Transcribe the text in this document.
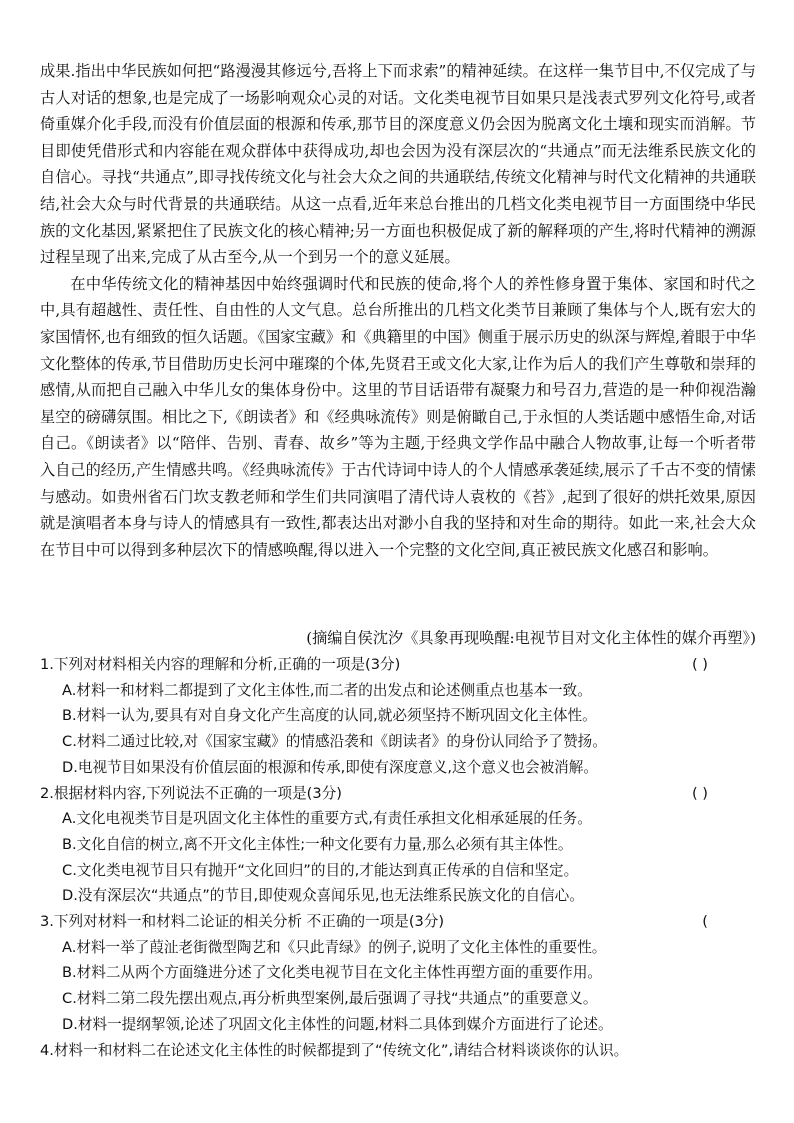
成果.指出中华民族如何把“路漫漫其修远兮,吾将上下而求索”的精神延续。在这样一集节目中,不仅完成了与古人对话的想象,也是完成了一场影响观众心灵的对话。文化类电视节目如果只是浅表式罗列文化符号,或者倚重媒介化手段,而没有价值层面的根源和传承,那节目的深度意义仍会因为脱离文化土壤和现实而消解。节目即使凭借形式和内容能在观众群体中获得成功,却也会因为没有深层次的“共通点”而无法维系民族文化的自信心。寻找“共通点”,即寻找传统文化与社会大众之间的共通联结,传统文化精神与时代文化精神的共通联结,社会大众与时代背景的共通联结。从这一点看,近年来总台推出的几档文化类电视节目一方面围绕中华民族的文化基因,紧紧把住了民族文化的核心精神;另一方面也积极促成了新的解释项的产生,将时代精神的溯源过程呈现了出来,完成了从古至今,从一个到另一个的意义延展。

在中华传统文化的精神基因中始终强调时代和民族的使命,将个人的养性修身置于集体、家国和时代之中,具有超越性、责任性、自由性的人文气息。总台所推出的几档文化类节目兼顾了集体与个人,既有宏大的家国情怀,也有细致的恒久话题。《国家宝藏》和《典籍里的中国》侧重于展示历史的纵深与辉煌,着眼于中华文化整体的传承,节目借助历史长河中璀璨的个体,先贤君王或文化大家,让作为后人的我们产生尊敬和崇拜的感情,从而把自己融入中华儿女的集体身份中。这里的节目话语带有凝聚力和号召力,营造的是一种仰视浩瀚星空的磅礴氛围。相比之下,《朗读者》和《经典咏流传》则是俯瞰自己,于永恒的人类话题中感悟生命,对话自己。《朗读者》以“陪伴、告别、青春、故乡”等为主题,于经典文学作品中融合人物故事,让每一个听者带入自己的经历,产生情感共鸣。《经典咏流传》于古代诗词中诗人的个人情感承袭延续,展示了千古不变的情愫与感动。如贵州省石门坎支教老师和学生们共同演唱了清代诗人袁枚的《苔》,起到了很好的烘托效果,原因就是演唱者本身与诗人的情感具有一致性,都表达出对渺小自我的坚持和对生命的期待。如此一来,社会大众在节目中可以得到多种层次下的情感唤醒,得以进入一个完整的文化空间,真正被民族文化感召和影响。

(摘编自侯沈汐《具象再现唤醒:电视节目对文化主体性的媒介再塑》)

1.下列对材料相关内容的理解和分析,正确的一项是(3分)	( )

A.材料一和材料二都提到了文化主体性,而二者的出发点和论述侧重点也基本一致。

B.材料一认为,要具有对自身文化产生高度的认同,就必须坚持不断巩固文化主体性。

C.材料二通过比较,对《国家宝藏》的情感沿袭和《朗读者》的身份认同给予了赞扬。

D.电视节目如果没有价值层面的根源和传承,即使有深度意义,这个意义也会被消解。

2.根据材料内容,下列说法不正确的一项是(3分)	( )

A.文化电视类节目是巩固文化主体性的重要方式,有责任承担文化相承延展的任务。

B.文化自信的树立,离不开文化主体性;一种文化要有力量,那么必须有其主体性。

C.文化类电视节目只有抛开“文化回归”的目的,才能达到真正传承的自信和坚定。

D.没有深层次“共通点”的节目,即使观众喜闻乐见,也无法维系民族文化的自信心。

3.下列对材料一和材料二论证的相关分析 不正确的一项是(3分)	(

A.材料一举了葭沚老街微型陶艺和《只此青绿》的例子,说明了文化主体性的重要性。

B.材料二从两个方面缝进分述了文化类电视节目在文化主体性再塑方面的重要作用。

C.材料二第二段先摆出观点,再分析典型案例,最后强调了寻找“共通点”的重要意义。

D.材料一提纲挈领,论述了巩固文化主体性的问题,材料二具体到媒介方面进行了论述。

4.材料一和材料二在论述文化主体性的时候都提到了“传统文化”,请结合材料谈谈你的认识。
